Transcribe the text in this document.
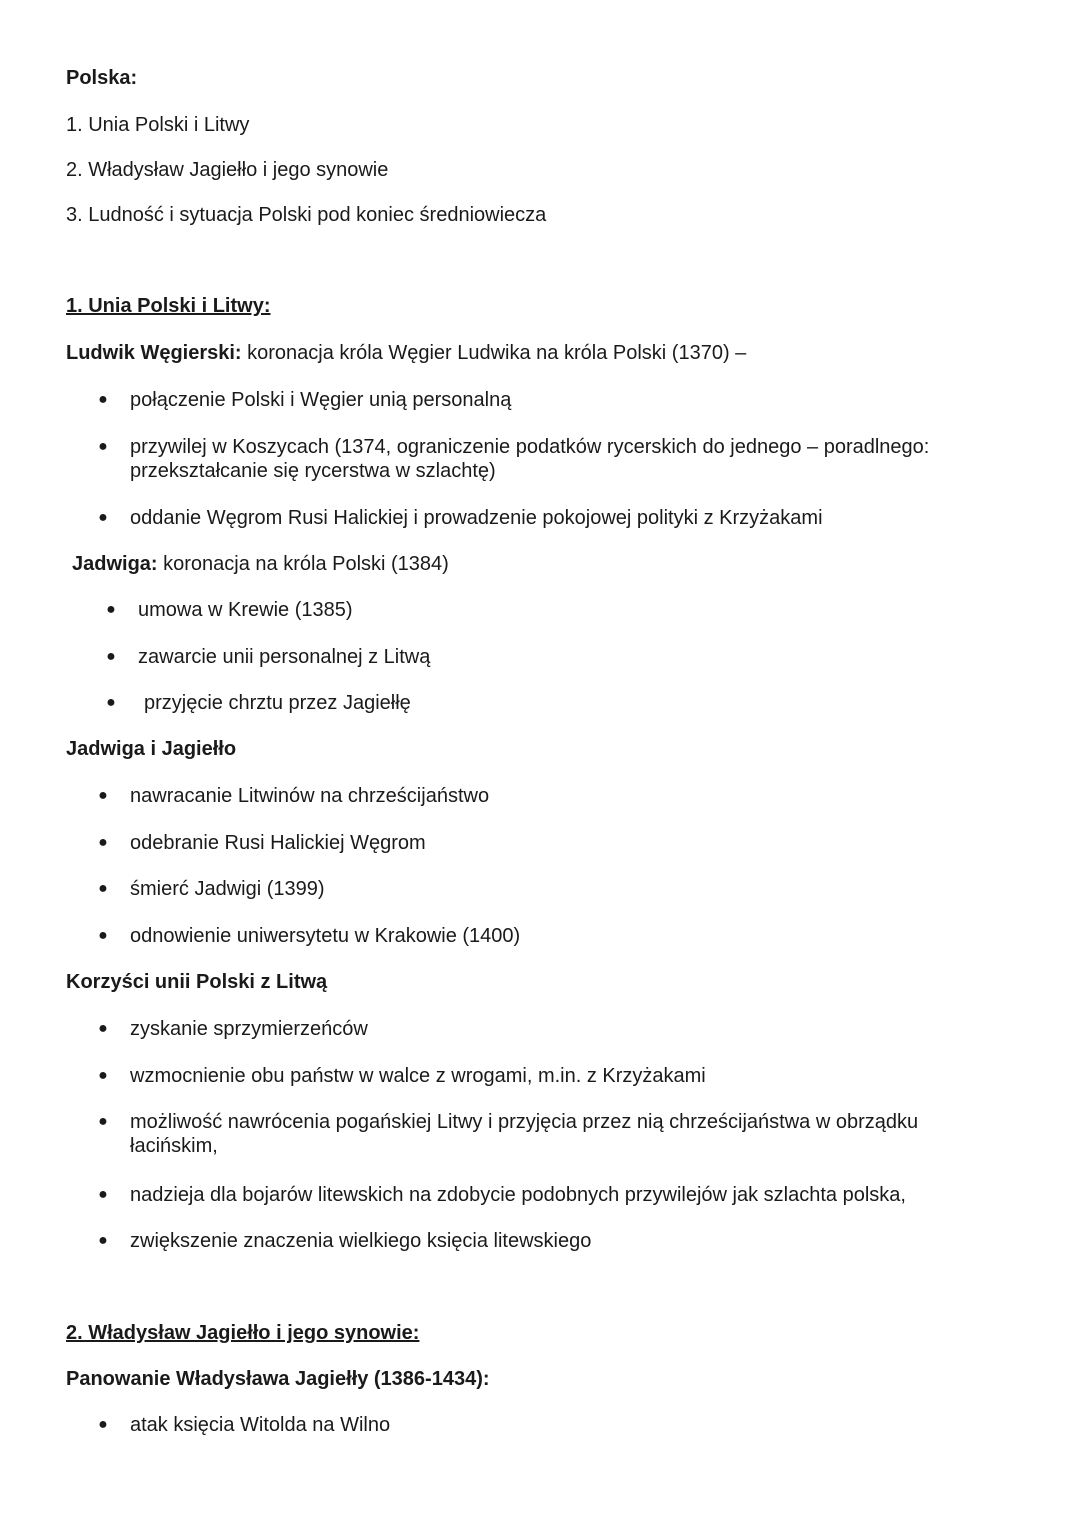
Polska:
1. Unia Polski i Litwy
2. Władysław Jagiełło i jego synowie
3. Ludność i sytuacja Polski pod koniec średniowiecza
1. Unia Polski i Litwy:
Ludwik Węgierski: koronacja króla Węgier Ludwika na króla Polski (1370) –
● połączenie Polski i Węgier unią personalną
● przywilej w Koszycach (1374, ograniczenie podatków rycerskich do jednego – poradlnego: przekształcanie się rycerstwa w szlachtę)
● oddanie Węgrom Rusi Halickiej i prowadzenie pokojowej polityki z Krzyżakami
Jadwiga: koronacja na króla Polski (1384)
● umowa w Krewie (1385)
● zawarcie unii personalnej z Litwą
● przyjęcie chrztu przez Jagiełłę
Jadwiga i Jagiełło
● nawracanie Litwinów na chrześcijaństwo
● odebranie Rusi Halickiej Węgrom
● śmierć Jadwigi (1399)
● odnowienie uniwersytetu w Krakowie (1400)
Korzyści unii Polski z Litwą
● zyskanie sprzymierzeńców
● wzmocnienie obu państw w walce z wrogami, m.in. z Krzyżakami
● możliwość nawrócenia pogańskiej Litwy i przyjęcia przez nią chrześcijaństwa w obrządku łacińskim,
● nadzieja dla bojarów litewskich na zdobycie podobnych przywilejów jak szlachta polska,
● zwiększenie znaczenia wielkiego księcia litewskiego
2. Władysław Jagiełło i jego synowie:
Panowanie Władysława Jagiełły (1386-1434):
● atak księcia Witolda na Wilno
